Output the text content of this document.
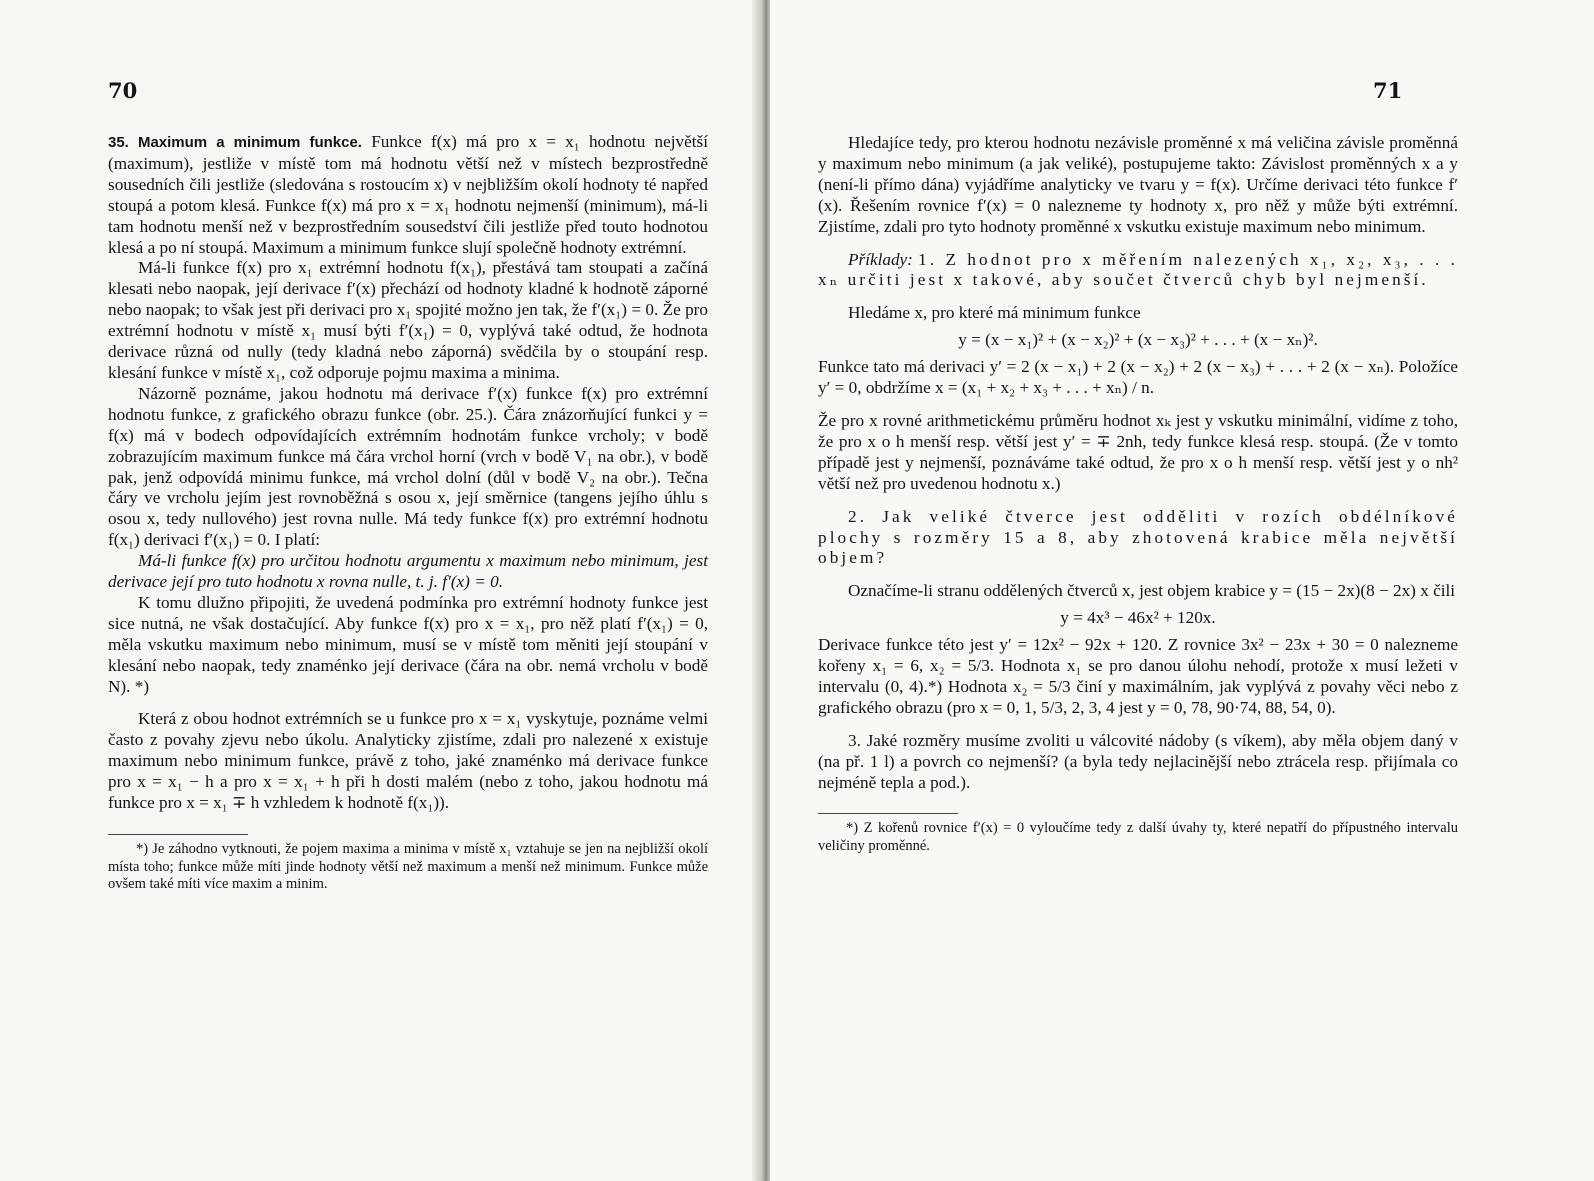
70

35. Maximum a minimum funkce. Funkce f(x) má pro x = x₁ hodnotu největší (maximum), jestliže v místě tom má hodnotu větší než v místech bezprostředně sousedních čili jestliže (sledována s rostoucím x) v nejbližším okolí hodnoty té napřed stoupá a potom klesá. Funkce f(x) má pro x = x₁ hodnotu nejmenší (minimum), má-li tam hodnotu menší než v bezprostředním sousedství čili jestliže před touto hodnotou klesá a po ní stoupá. Maximum a minimum funkce slují společně hodnoty extrémní.

Má-li funkce f(x) pro x₁ extrémní hodnotu f(x₁), přestává tam stoupati a začíná klesati nebo naopak, její derivace f′(x) přechází od hodnoty kladné k hodnotě záporné nebo naopak; to však jest při derivaci pro x₁ spojité možno jen tak, že f′(x₁) = 0. Že pro extrémní hodnotu v místě x₁ musí býti f′(x₁) = 0, vyplývá také odtud, že hodnota derivace různá od nully (tedy kladná nebo záporná) svědčila by o stoupání resp. klesání funkce v místě x₁, což odporuje pojmu maxima a minima.

Názorně poznáme, jakou hodnotu má derivace f′(x) funkce f(x) pro extrémní hodnotu funkce, z grafického obrazu funkce (obr. 25.). Čára znázorňující funkci y = f(x) má v bodech odpovídajících extrémním hodnotám funkce vrcholy; v bodě zobrazujícím maximum funkce má čára vrchol horní (vrch v bodě V₁ na obr.), v bodě pak, jenž odpovídá minimu funkce, má vrchol dolní (důl v bodě V₂ na obr.). Tečna čáry ve vrcholu jejím jest rovnoběžná s osou x, její směrnice (tangens jejího úhlu s osou x, tedy nullového) jest rovna nulle. Má tedy funkce f(x) pro extrémní hodnotu f(x₁) derivaci f′(x₁) = 0. I platí:

Má-li funkce f(x) pro určitou hodnotu argumentu x maximum nebo minimum, jest derivace její pro tuto hodnotu x rovna nulle, t. j. f′(x) = 0.

K tomu dlužno připojiti, že uvedená podmínka pro extrémní hodnoty funkce jest sice nutná, ne však dostačující. Aby funkce f(x) pro x = x₁, pro něž platí f′(x₁) = 0, měla vskutku maximum nebo minimum, musí se v místě tom měniti její stoupání v klesání nebo naopak, tedy znaménko její derivace (čára na obr. nemá vrcholu v bodě N). *)

Která z obou hodnot extrémních se u funkce pro x = x₁ vyskytuje, poznáme velmi často z povahy zjevu nebo úkolu. Analyticky zjistíme, zdali pro nalezené x existuje maximum nebo minimum funkce, právě z toho, jaké znaménko má derivace funkce pro x = x₁ − h a pro x = x₁ + h při h dosti malém (nebo z toho, jakou hodnotu má funkce pro x = x₁ ∓ h vzhledem k hodnotě f(x₁)).

*) Je záhodno vytknouti, že pojem maxima a minima v místě x₁ vztahuje se jen na nejbližší okolí místa toho; funkce může míti jinde hodnoty větší než maximum a menší než minimum. Funkce může ovšem také míti více maxim a minim.

71

Hledajíce tedy, pro kterou hodnotu nezávisle proměnné x má veličina závisle proměnná y maximum nebo minimum (a jak veliké), postupujeme takto: Závislost proměnných x a y (není-li přímo dána) vyjádříme analyticky ve tvaru y = f(x). Určíme derivaci této funkce f′(x). Řešením rovnice f′(x) = 0 nalezneme ty hodnoty x, pro něž y může býti extrémní. Zjistíme, zdali pro tyto hodnoty proměnné x vskutku existuje maximum nebo minimum.

Příklady: 1. Z hodnot pro x měřením nalezených x₁, x₂, x₃, . . . xₙ určiti jest x takové, aby součet čtverců chyb byl nejmenší.

Hledáme x, pro které má minimum funkce

y = (x − x₁)² + (x − x₂)² + (x − x₃)² + . . . + (x − xₙ)².

Funkce tato má derivaci y′ = 2 (x − x₁) + 2 (x − x₂) + 2 (x − x₃) + . . . + 2 (x − xₙ). Položíce y′ = 0, obdržíme x = (x₁ + x₂ + x₃ + . . . + xₙ) / n.

Že pro x rovné arithmetickému průměru hodnot xₖ jest y vskutku minimální, vidíme z toho, že pro x o h menší resp. větší jest y′ = ∓ 2nh, tedy funkce klesá resp. stoupá. (Že v tomto případě jest y nejmenší, poznáváme také odtud, že pro x o h menší resp. větší jest y o nh² větší než pro uvedenou hodnotu x.)

2. Jak veliké čtverce jest odděliti v rozích obdélníkové plochy s rozměry 15 a 8, aby zhotovená krabice měla největší objem?

Označíme-li stranu oddělených čtverců x, jest objem krabice y = (15 − 2x)(8 − 2x) x čili

y = 4x³ − 46x² + 120x.

Derivace funkce této jest y′ = 12x² − 92x + 120. Z rovnice 3x² − 23x + 30 = 0 nalezneme kořeny x₁ = 6, x₂ = 5/3. Hodnota x₁ se pro danou úlohu nehodí, protože x musí ležeti v intervalu (0, 4).*) Hodnota x₂ = 5/3 činí y maximálním, jak vyplývá z povahy věci nebo z grafického obrazu (pro x = 0, 1, 5/3, 2, 3, 4 jest y = 0, 78, 90·74, 88, 54, 0).

3. Jaké rozměry musíme zvoliti u válcovité nádoby (s víkem), aby měla objem daný v (na př. 1 l) a povrch co nejmenší? (a byla tedy nejlacinější nebo ztrácela resp. přijímala co nejméně tepla a pod.).

*) Z kořenů rovnice f′(x) = 0 vyloučíme tedy z další úvahy ty, které nepatří do přípustného intervalu veličiny proměnné.
